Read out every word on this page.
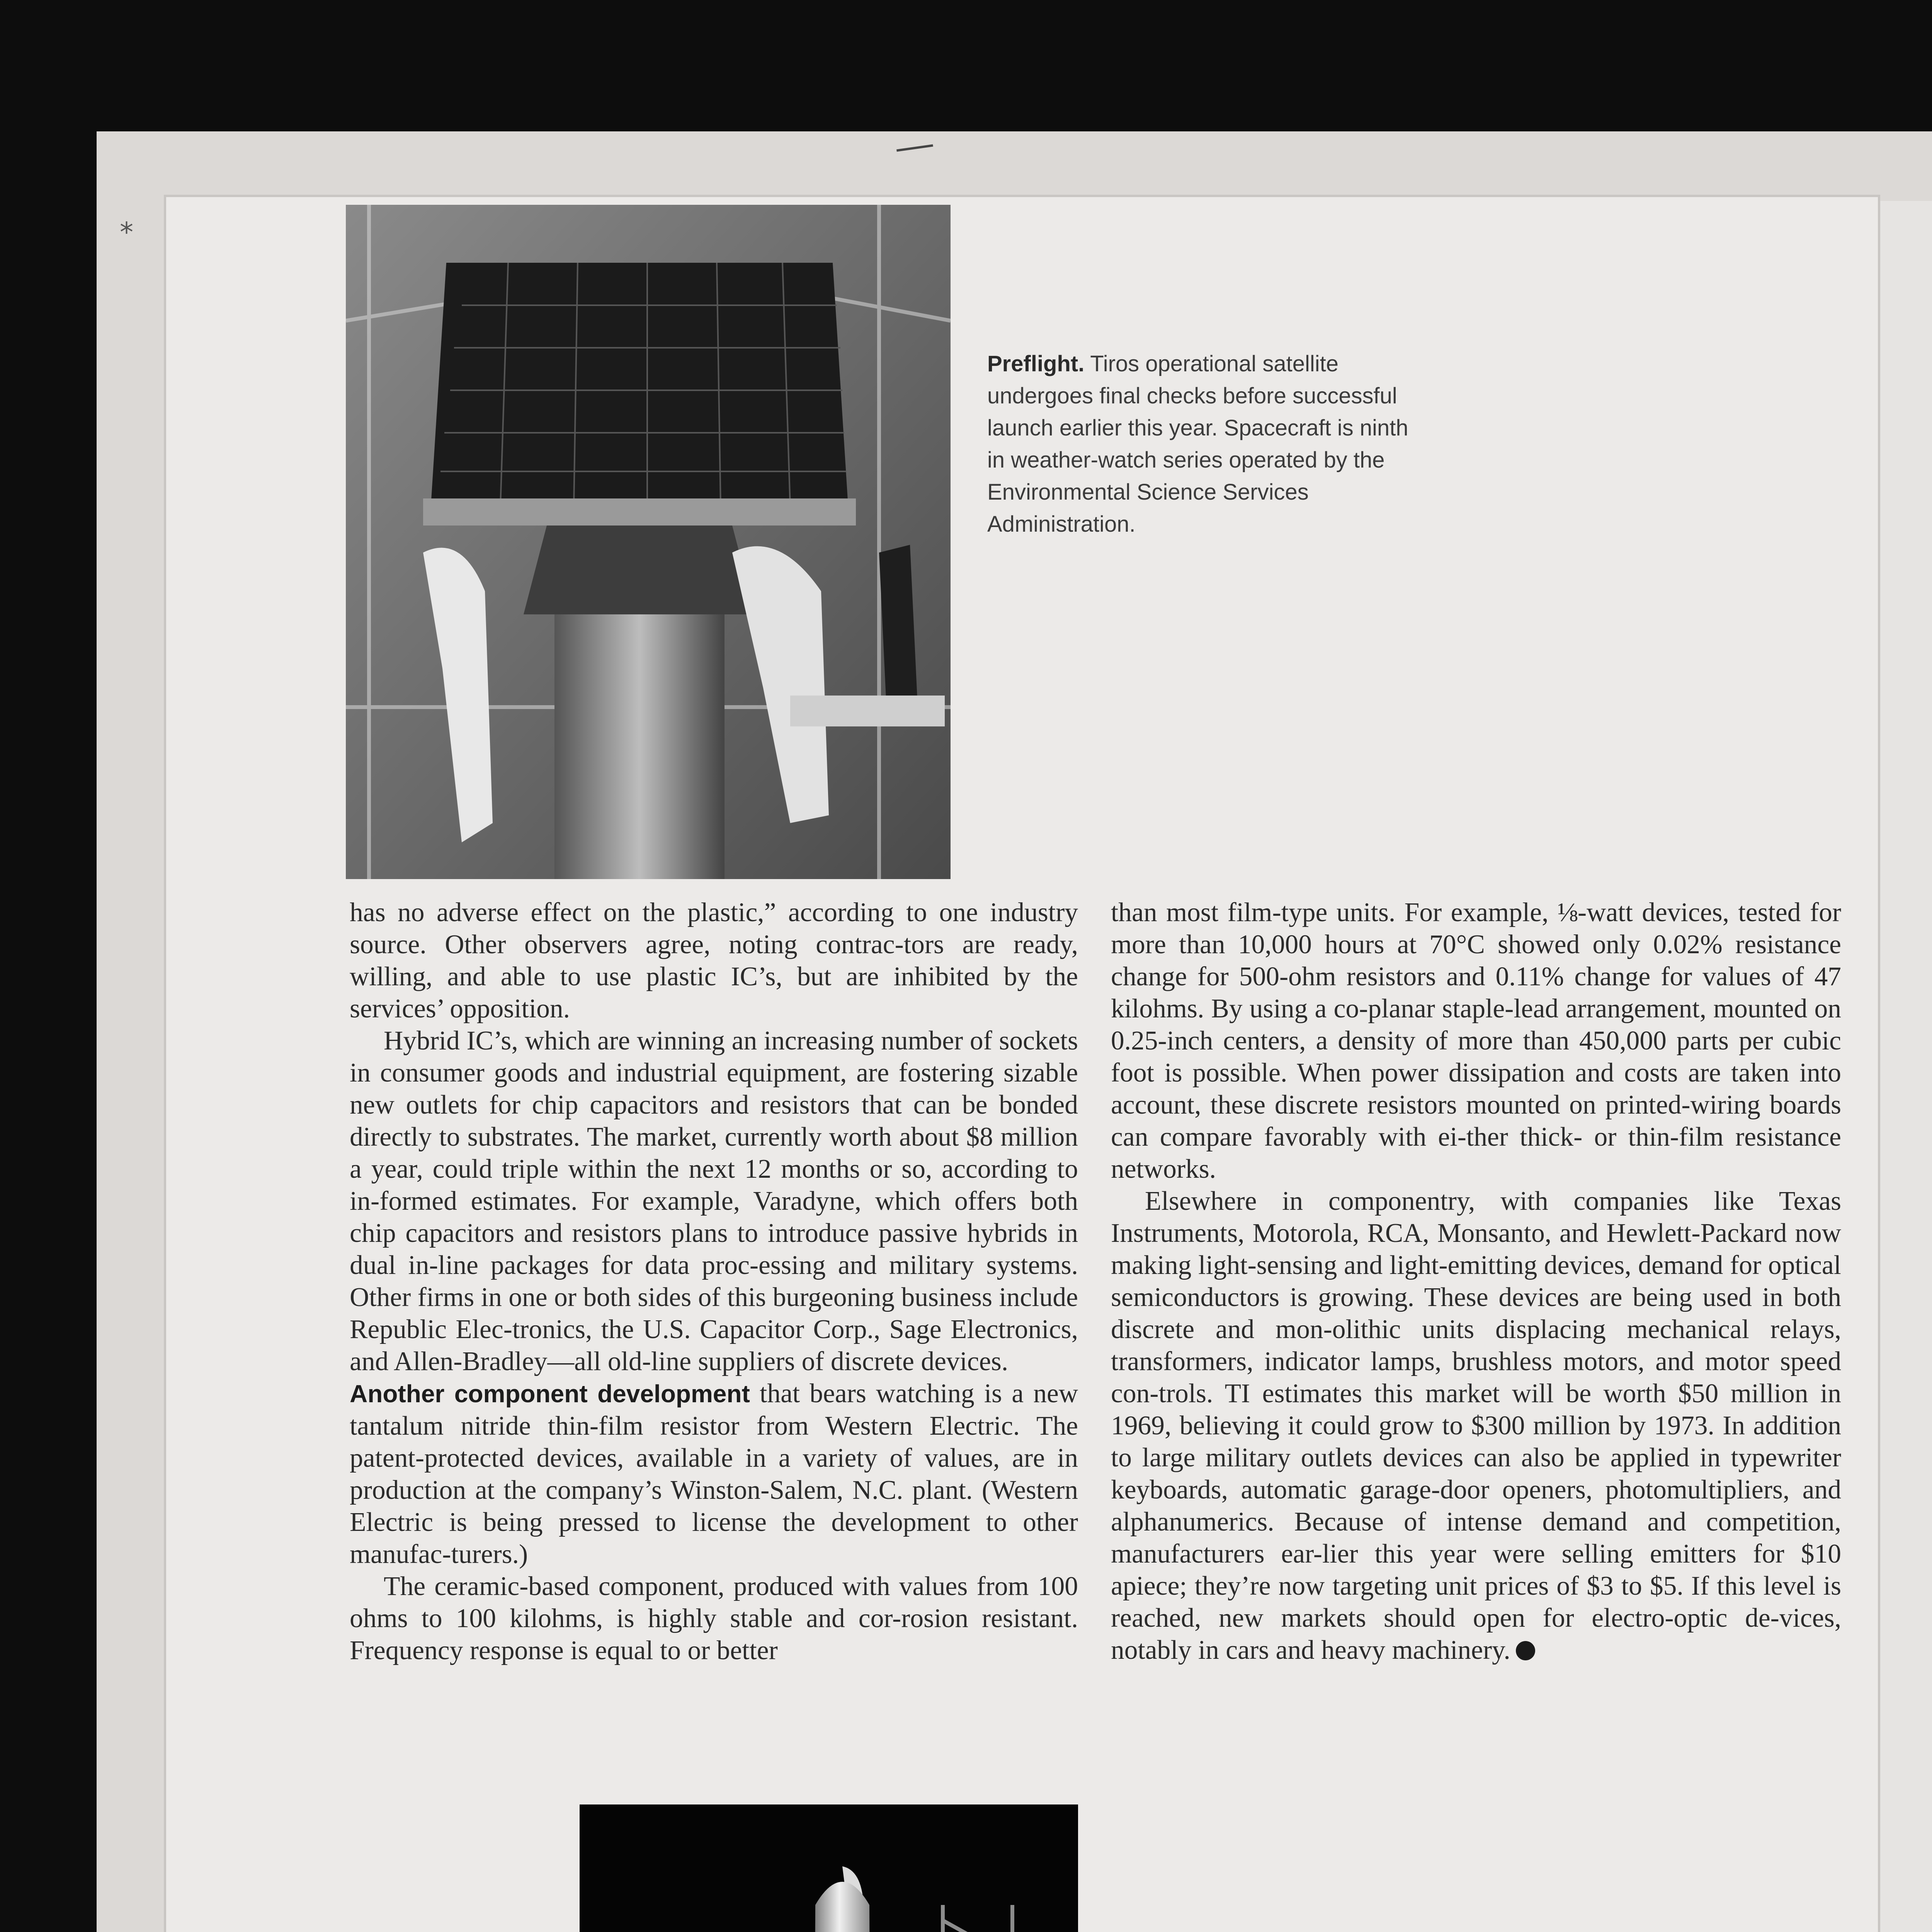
*
Preflight. Tiros operational satellite undergoes final checks before successful launch earlier this year. Spacecraft is ninth in weather-watch series operated by the Environmental Science Services Administration.

has no adverse effect on the plastic,” according to one industry source. Other observers agree, noting contrac-tors are ready, willing, and able to use plastic IC’s, but are inhibited by the services’ opposition.

Hybrid IC’s, which are winning an increasing number of sockets in consumer goods and industrial equipment, are fostering sizable new outlets for chip capacitors and resistors that can be bonded directly to substrates. The market, currently worth about $8 million a year, could triple within the next 12 months or so, according to in-formed estimates. For example, Varadyne, which offers both chip capacitors and resistors plans to introduce passive hybrids in dual in-line packages for data proc-essing and military systems. Other firms in one or both sides of this burgeoning business include Republic Elec-tronics, the U.S. Capacitor Corp., Sage Electronics, and Allen-Bradley—all old-line suppliers of discrete devices.

Another component development that bears watching is a new tantalum nitride thin-film resistor from Western Electric. The patent-protected devices, available in a variety of values, are in production at the company’s Winston-Salem, N.C. plant. (Western Electric is being pressed to license the development to other manufac-turers.)

The ceramic-based component, produced with values from 100 ohms to 100 kilohms, is highly stable and cor-rosion resistant. Frequency response is equal to or better

than most film-type units. For example, ⅛-watt devices, tested for more than 10,000 hours at 70°C showed only 0.02% resistance change for 500-ohm resistors and 0.11% change for values of 47 kilohms. By using a co-planar staple-lead arrangement, mounted on 0.25-inch centers, a density of more than 450,000 parts per cubic foot is possible. When power dissipation and costs are taken into account, these discrete resistors mounted on printed-wiring boards can compare favorably with ei-ther thick- or thin-film resistance networks.

Elsewhere in componentry, with companies like Texas Instruments, Motorola, RCA, Monsanto, and Hewlett-Packard now making light-sensing and light-emitting devices, demand for optical semiconductors is growing. These devices are being used in both discrete and mon-olithic units displacing mechanical relays, transformers, indicator lamps, brushless motors, and motor speed con-trols. TI estimates this market will be worth $50 million in 1969, believing it could grow to $300 million by 1973. In addition to large military outlets devices can also be applied in typewriter keyboards, automatic garage-door openers, photomultipliers, and alphanumerics. Because of intense demand and competition, manufacturers ear-lier this year were selling emitters for $10 apiece; they’re now targeting unit prices of $3 to $5. If this level is reached, new markets should open for electro-optic de-vices, notably in cars and heavy machinery.
